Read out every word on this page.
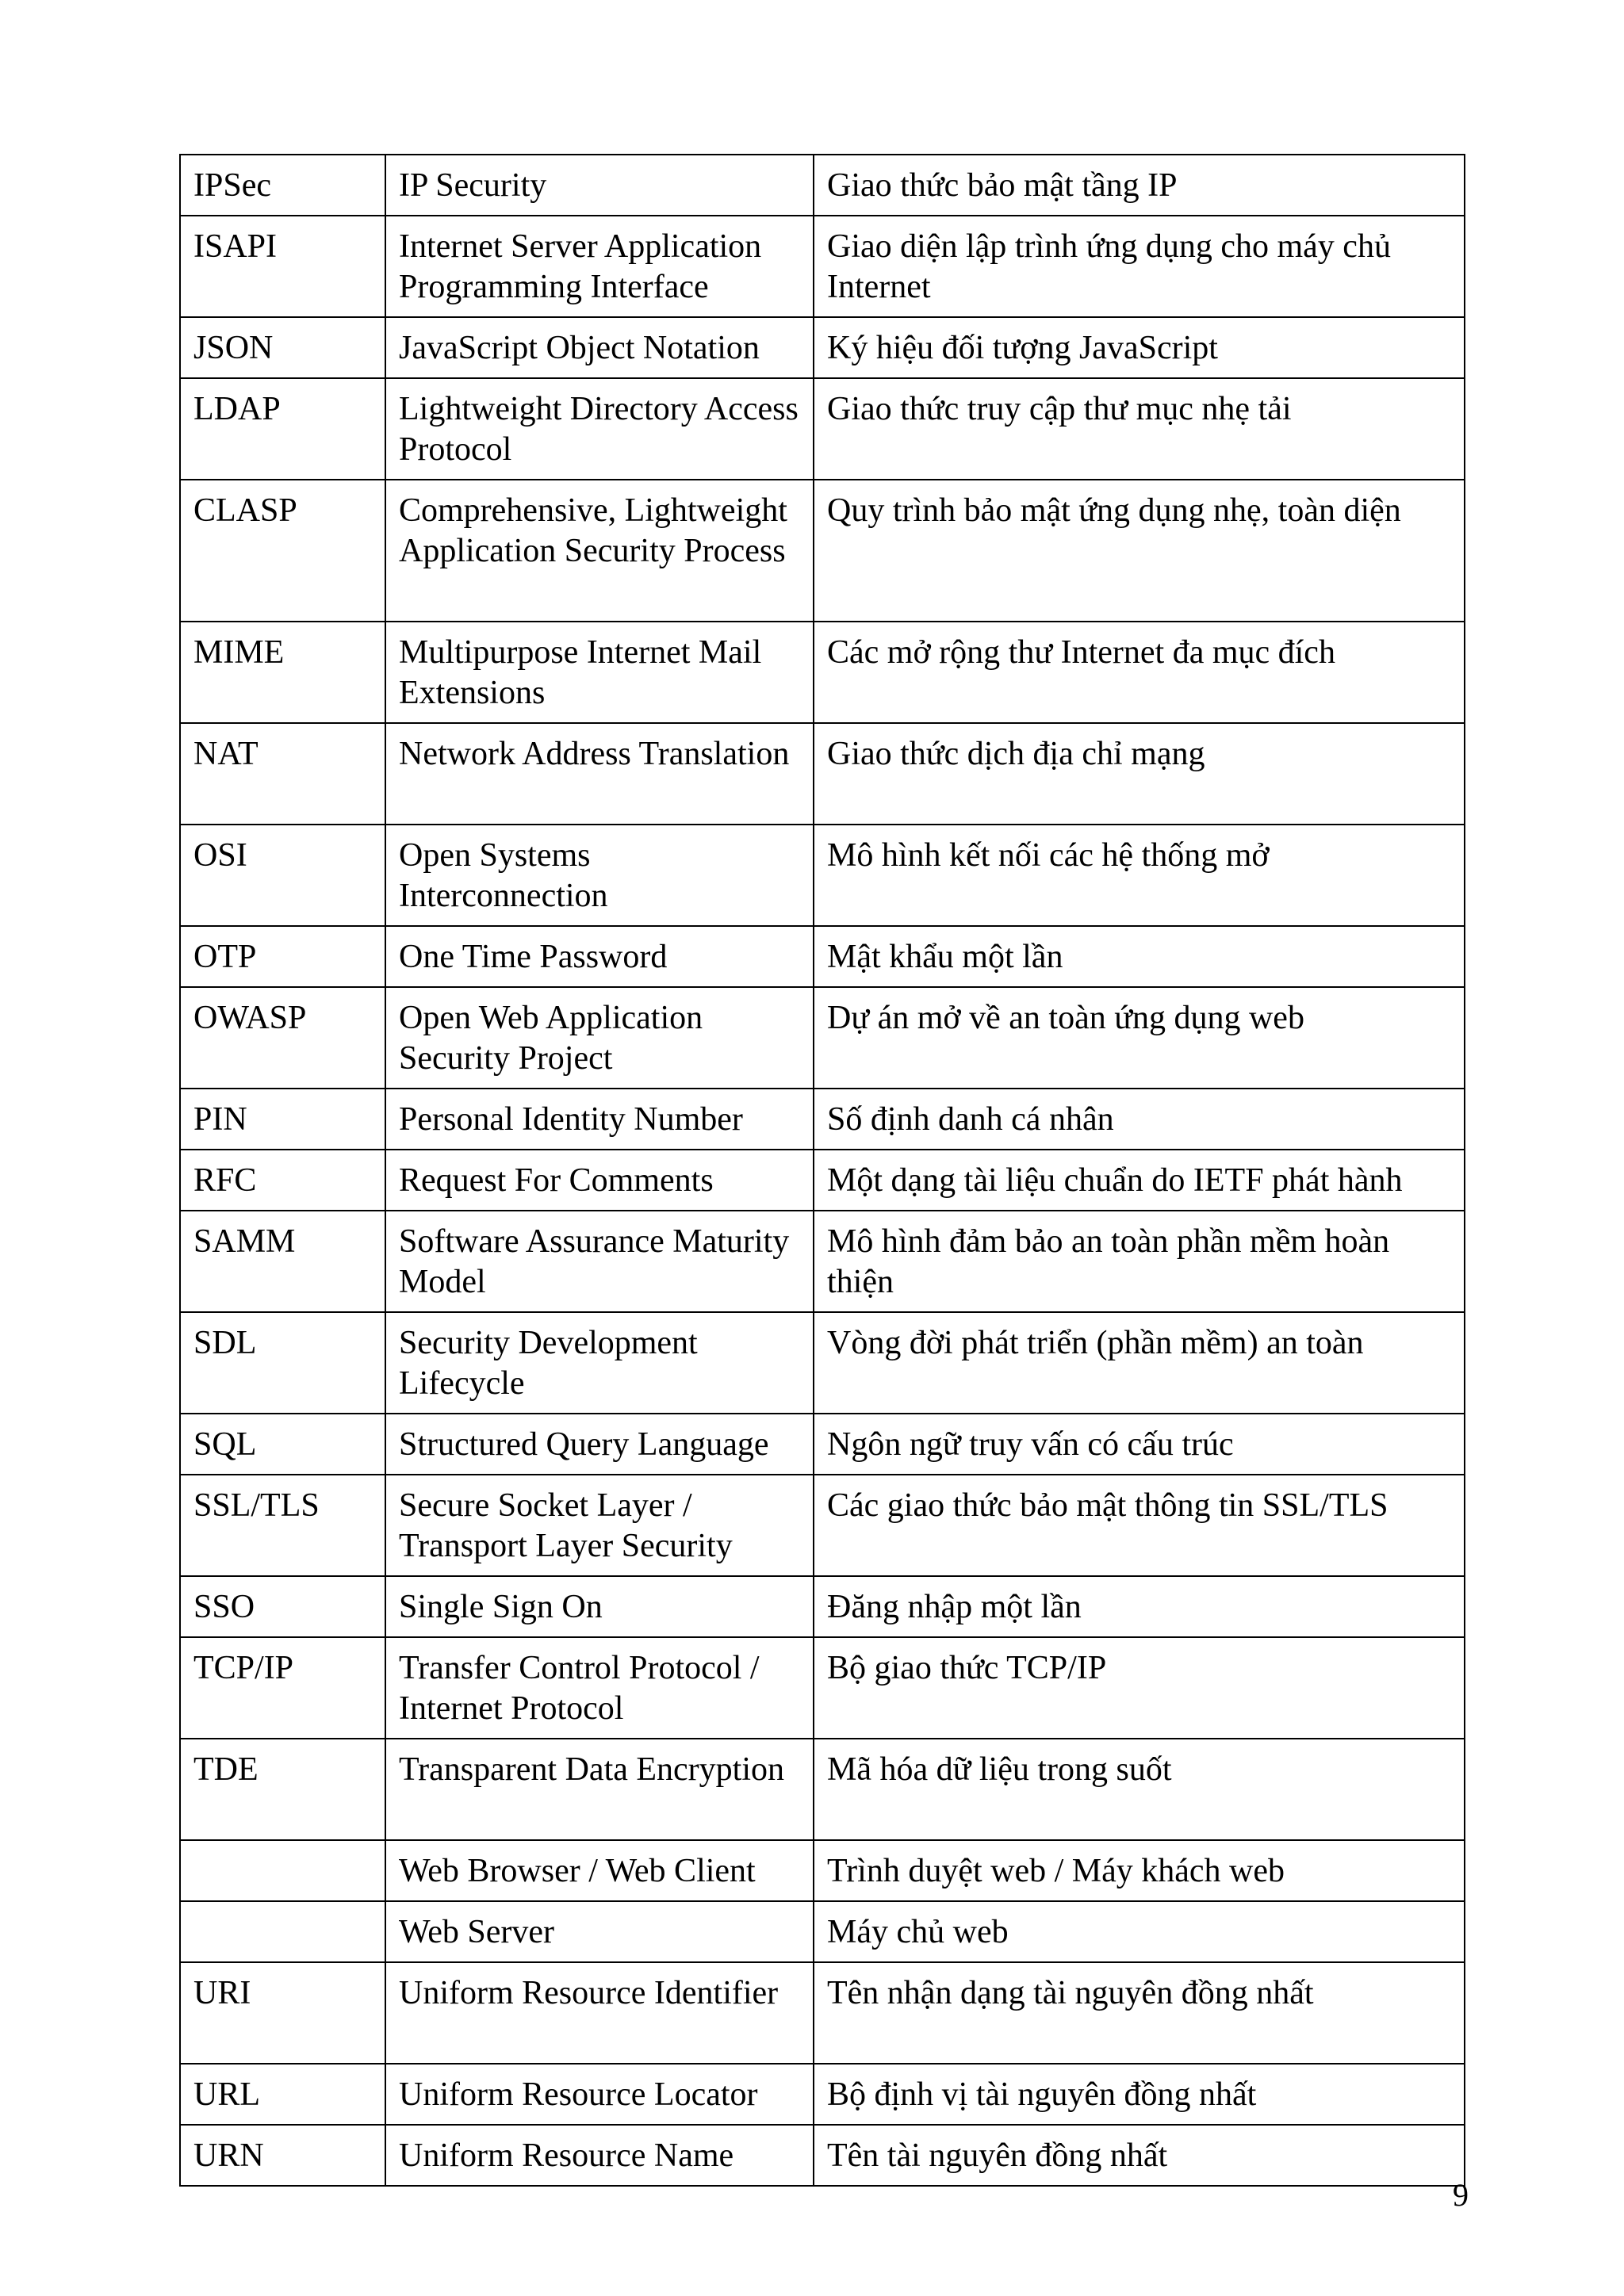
IPSec	IP Security	Giao thức bảo mật tầng IP
ISAPI	Internet Server Application Programming Interface	Giao diện lập trình ứng dụng cho máy chủ Internet
JSON	JavaScript Object Notation	Ký hiệu đối tượng JavaScript
LDAP	Lightweight Directory Access Protocol	Giao thức truy cập thư mục nhẹ tải
CLASP	Comprehensive, Lightweight Application Security Process	Quy trình bảo mật ứng dụng nhẹ, toàn diện
MIME	Multipurpose Internet Mail Extensions	Các mở rộng thư Internet đa mục đích
NAT	Network Address Translation	Giao thức dịch địa chỉ mạng
OSI	Open Systems Interconnection	Mô hình kết nối các hệ thống mở
OTP	One Time Password	Mật khẩu một lần
OWASP	Open Web Application Security Project	Dự án mở về an toàn ứng dụng web
PIN	Personal Identity Number	Số định danh cá nhân
RFC	Request For Comments	Một dạng tài liệu chuẩn do IETF phát hành
SAMM	Software Assurance Maturity Model	Mô hình đảm bảo an toàn phần mềm hoàn thiện
SDL	Security Development Lifecycle	Vòng đời phát triển (phần mềm) an toàn
SQL	Structured Query Language	Ngôn ngữ truy vấn có cấu trúc
SSL/TLS	Secure Socket Layer / Transport Layer Security	Các giao thức bảo mật thông tin SSL/TLS
SSO	Single Sign On	Đăng nhập một lần
TCP/IP	Transfer Control Protocol / Internet Protocol	Bộ giao thức TCP/IP
TDE	Transparent Data Encryption	Mã hóa dữ liệu trong suốt
	Web Browser / Web Client	Trình duyệt web / Máy khách web
	Web Server	Máy chủ web
URI	Uniform Resource Identifier	Tên nhận dạng tài nguyên đồng nhất
URL	Uniform Resource Locator	Bộ định vị tài nguyên đồng nhất
URN	Uniform Resource Name	Tên tài nguyên đồng nhất
9
